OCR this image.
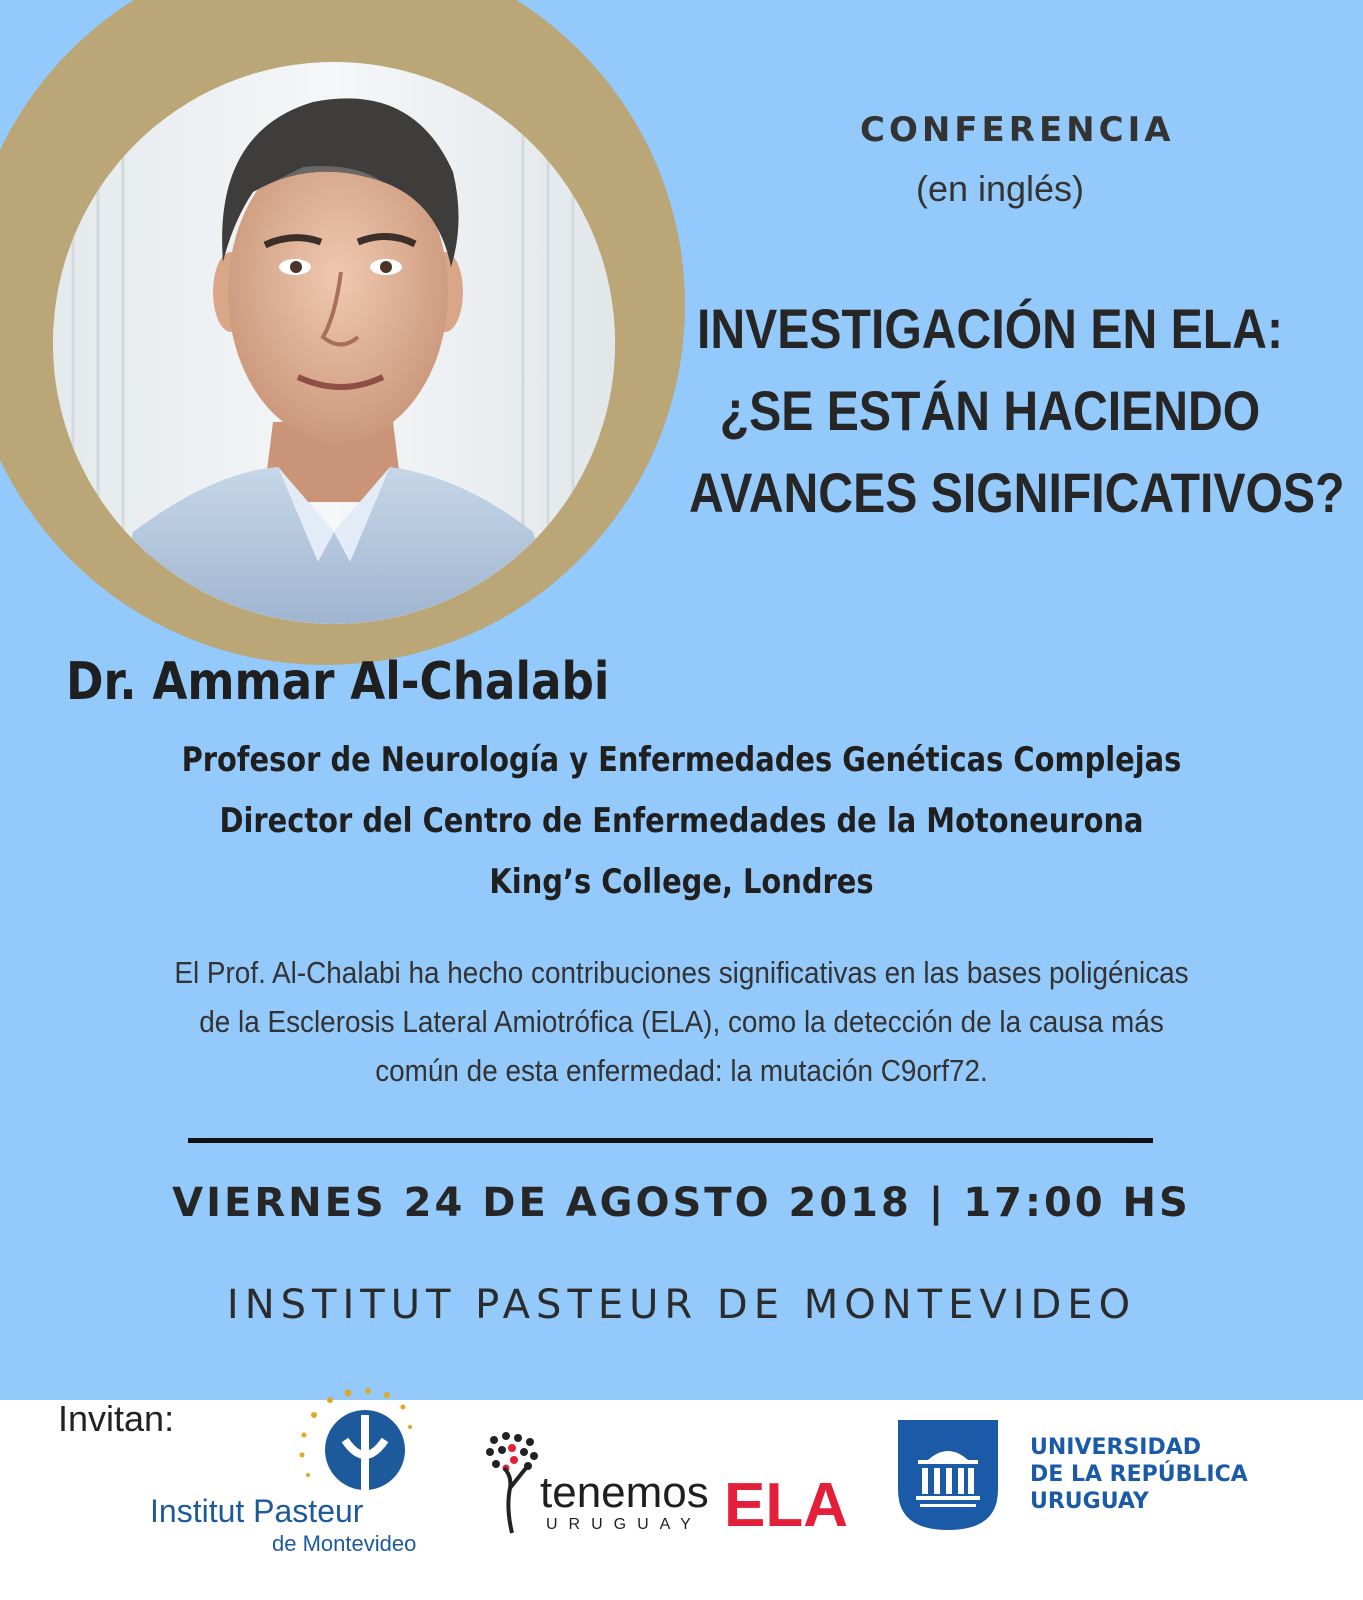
CONFERENCIA
(en inglés)
INVESTIGACIÓN EN ELA:
¿SE ESTÁN HACIENDO
AVANCES SIGNIFICATIVOS?
Dr. Ammar Al-Chalabi
Profesor de Neurología y Enfermedades Genéticas Complejas
Director del Centro de Enfermedades de la Motoneurona
King’s College, Londres
El Prof. Al-Chalabi ha hecho contribuciones significativas en las bases poligénicas
de la Esclerosis Lateral Amiotrófica (ELA), como la detección de la causa más
común de esta enfermedad: la mutación C9orf72.
VIERNES 24 DE AGOSTO 2018 | 17:00 HS
INSTITUT PASTEUR DE MONTEVIDEO
Invitan:
Institut Pasteur
de Montevideo
tenemos
URUGUAY ELA
UNIVERSIDAD
DE LA REPÚBLICA
URUGUAY
